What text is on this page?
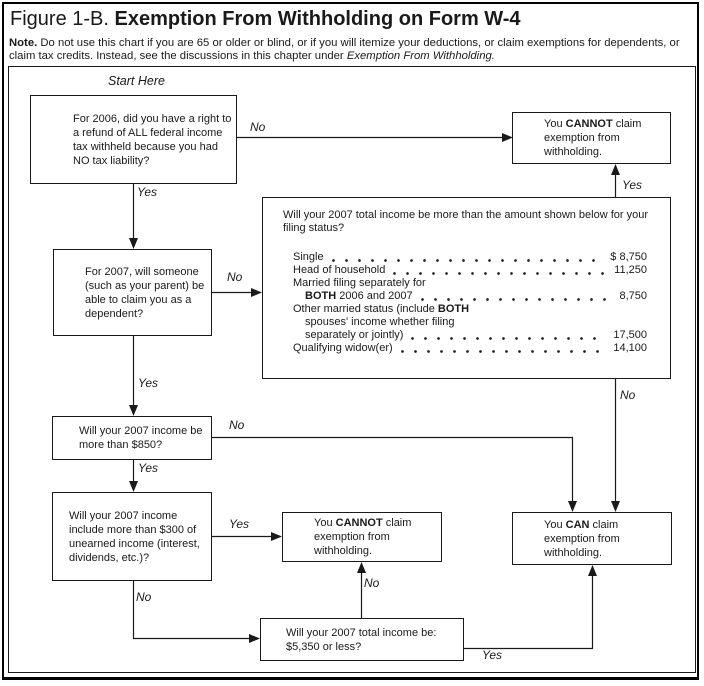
Figure 1-B. Exemption From Withholding on Form W-4
Note. Do not use this chart if you are 65 or older or blind, or if you will itemize your deductions, or claim exemptions for dependents, or claim tax credits. Instead, see the discussions in this chapter under Exemption From Withholding.
Start Here
For 2006, did you have a right to a refund of ALL federal income tax withheld because you had NO tax liability?
For 2007, will someone (such as your parent) be able to claim you as a dependent?
Will your 2007 income be more than $850?
Will your 2007 income include more than $300 of unearned income (interest, dividends, etc.)?
You CANNOT claim exemption from withholding.
Will your 2007 total income be more than the amount shown below for your filing status?
Single	$ 8,750
Head of household	11,250
Married filing separately for
BOTH 2006 and 2007	8,750
Other married status (include BOTH
spouses' income whether filing
separately or jointly)	17,500
Qualifying widow(er)	14,100
You CANNOT claim exemption from withholding.
You CAN claim exemption from withholding.
Will your 2007 total income be: $5,350 or less?
No
Yes
No
Yes
Yes
No
No
Yes
Yes
No
No
Yes
